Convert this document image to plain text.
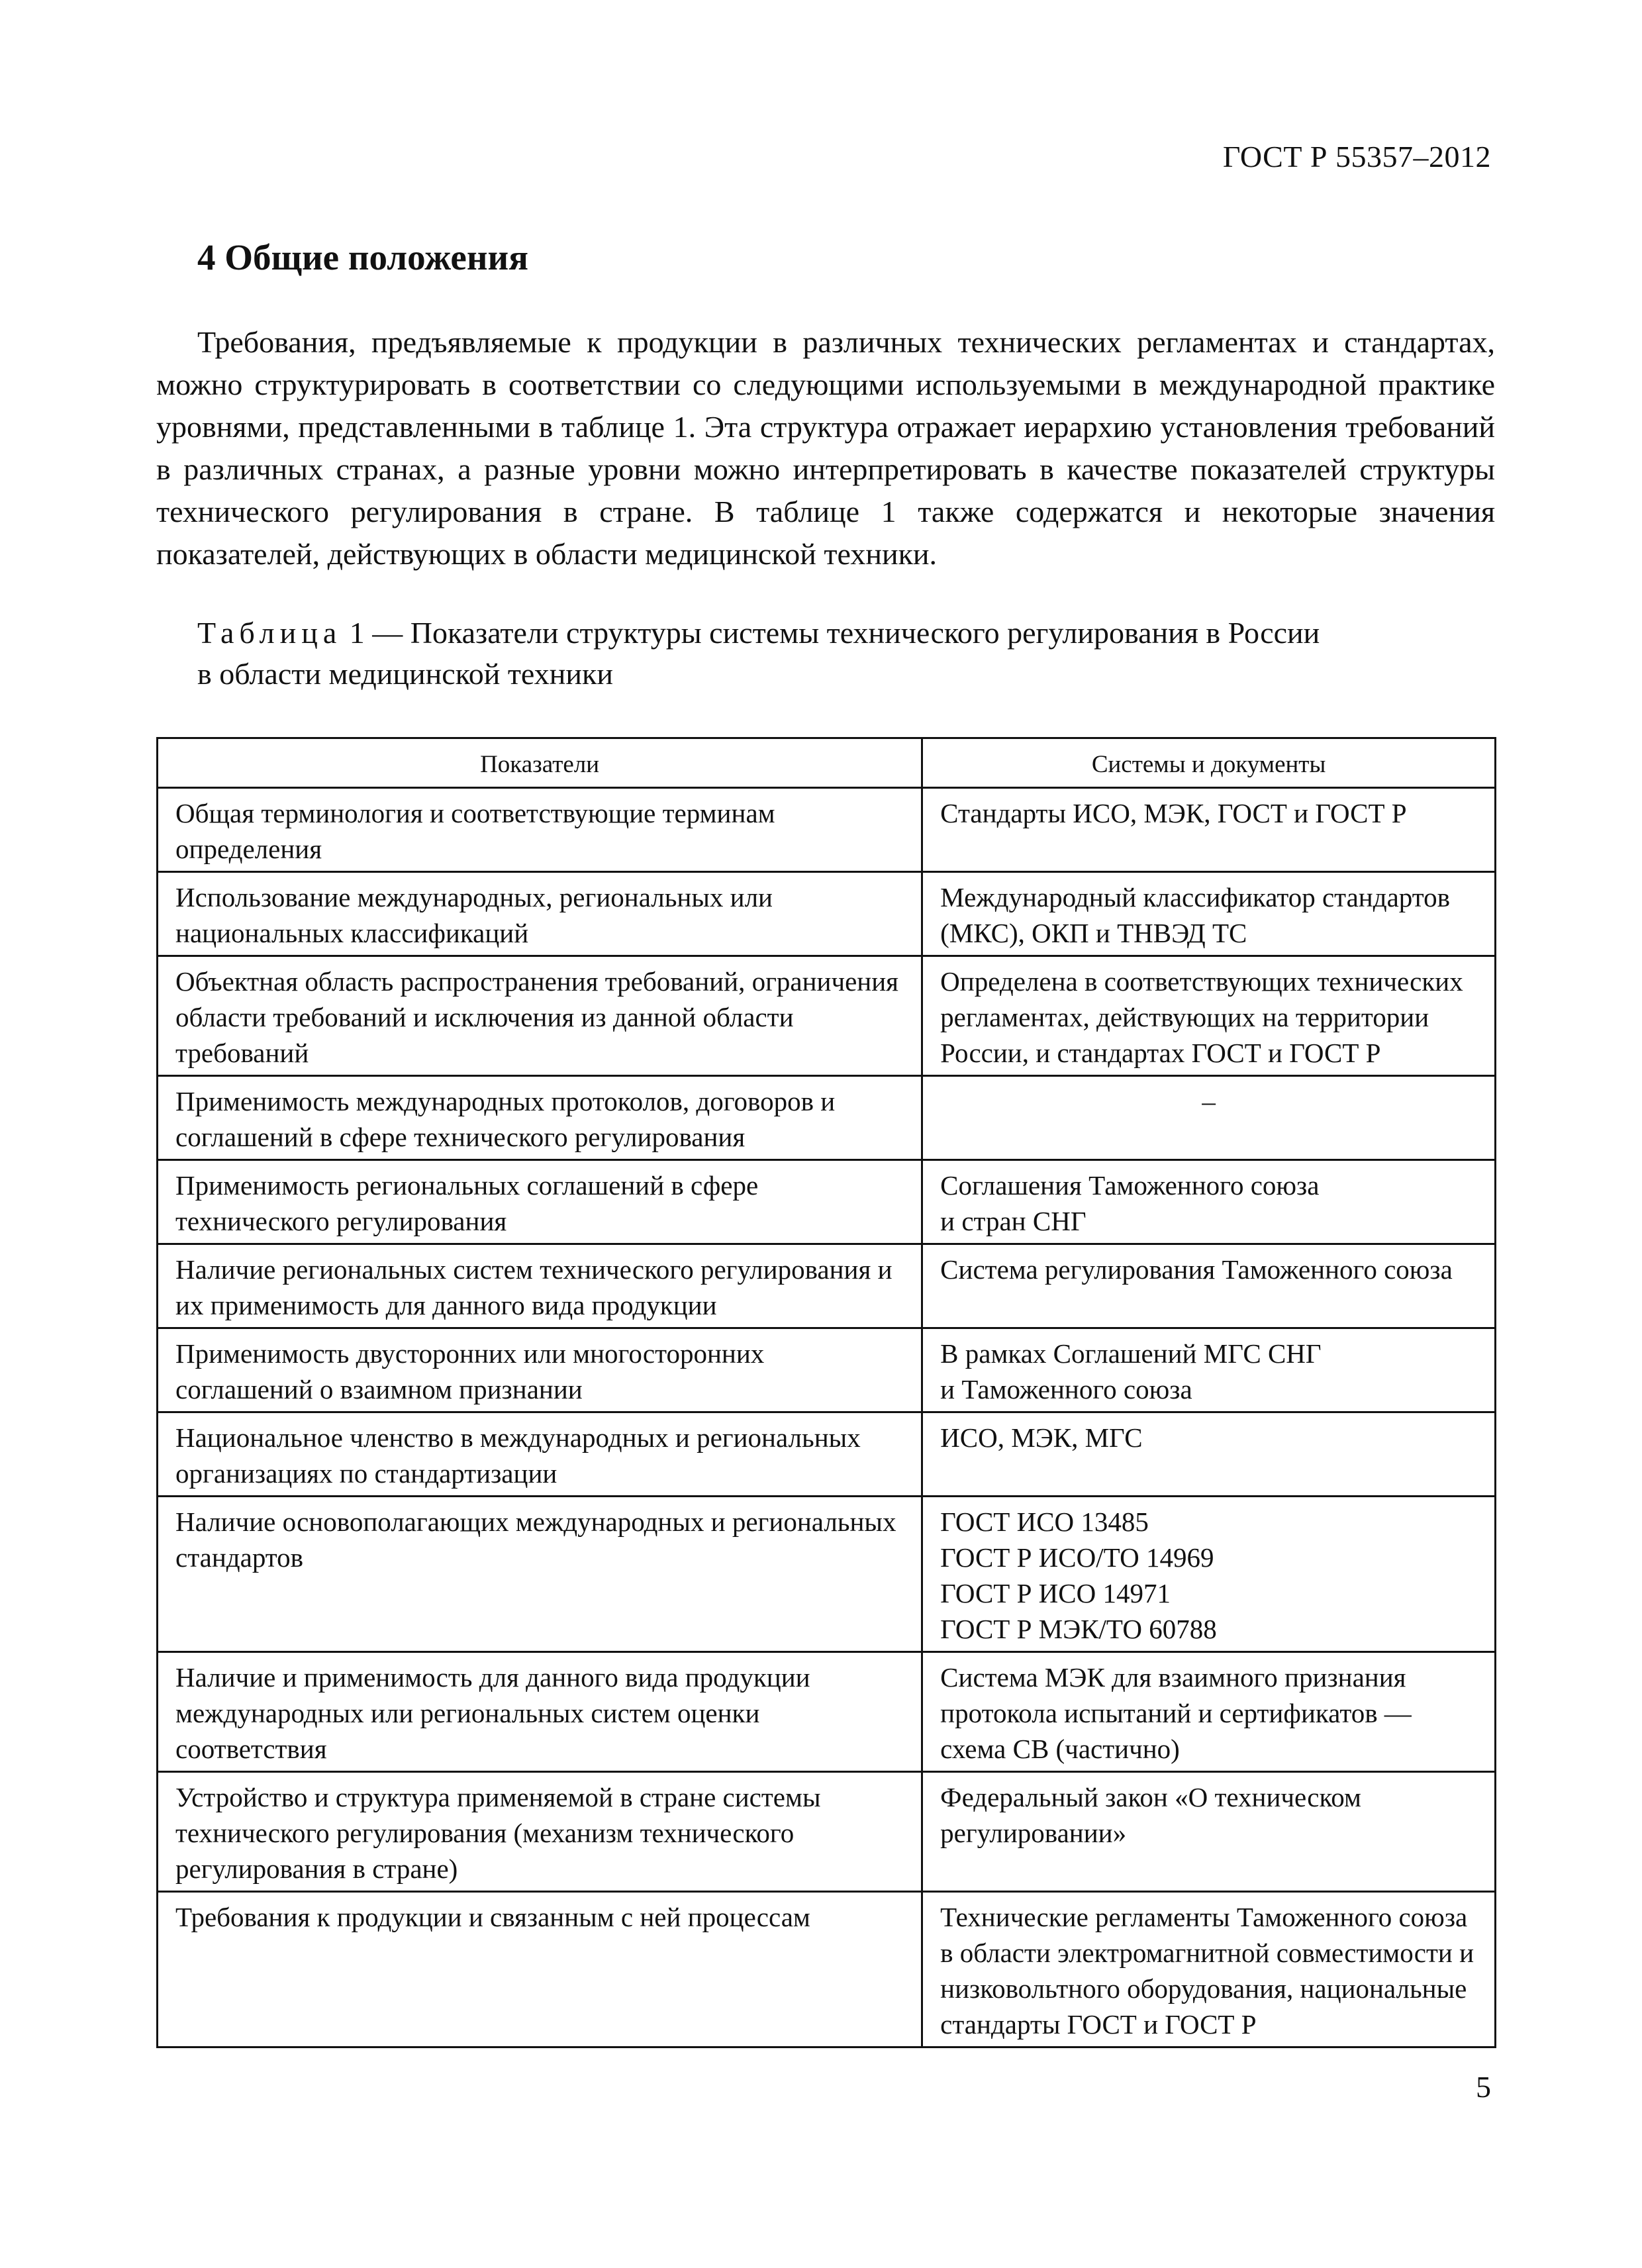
ГОСТ Р 55357–2012
4 Общие положения

Требования, предъявляемые к продукции в различных технических регламентах и стандартах, можно структурировать в соответствии со следующими используемыми в международной практике уровнями, представленными в таблице 1. Эта структура отражает иерархию установления требований в различных странах, а разные уровни можно интерпретировать в качестве показателей структуры технического регулирования в стране. В таблице 1 также содержатся и некоторые значения показателей, действующих в области медицинской техники.

Таблица 1 — Показатели структуры системы технического регулирования в России
в области медицинской техники

Показатели	Системы и документы
Общая терминология и соответствующие терминам определения	Стандарты ИСО, МЭК, ГОСТ и ГОСТ Р

Использование международных, региональных или национальных классификаций	Международный классификатор стандартов (МКС), ОКП и ТНВЭД ТС

Объектная область распространения требований, ограничения области требований и исключения из данной области требований	Определена в соответствующих технических регламентах, действующих на территории России, и стандартах ГОСТ и ГОСТ Р

Применимость международных протоколов, договоров и соглашений в сфере технического регулирования	–

Применимость региональных соглашений в сфере технического регулирования	Соглашения Таможенного союза
и стран СНГ

Наличие региональных систем технического регулирования и их применимость для данного вида продукции	Система регулирования Таможенного союза

Применимость двусторонних или многосторонних соглашений о взаимном признании	В рамках Соглашений МГС СНГ
и Таможенного союза

Национальное членство в международных и региональных организациях по стандартизации	ИСО, МЭК, МГС

Наличие основополагающих международных и региональных стандартов	ГОСТ ИСО 13485
ГОСТ Р ИСО/ТО 14969
ГОСТ Р ИСО 14971
ГОСТ Р МЭК/ТО 60788

Наличие и применимость для данного вида продукции международных или региональных систем оценки соответствия	Система МЭК для взаимного признания протокола испытаний и сертификатов — схема СВ (частично)

Устройство и структура применяемой в стране системы технического регулирования (механизм технического регулирования в стране)	Федеральный закон «О техническом регулировании»

Требования к продукции и связанным с ней процессам	Технические регламенты Таможенного союза в области электромагнитной совместимости и низковольтного оборудования, национальные стандарты ГОСТ и ГОСТ Р
5
